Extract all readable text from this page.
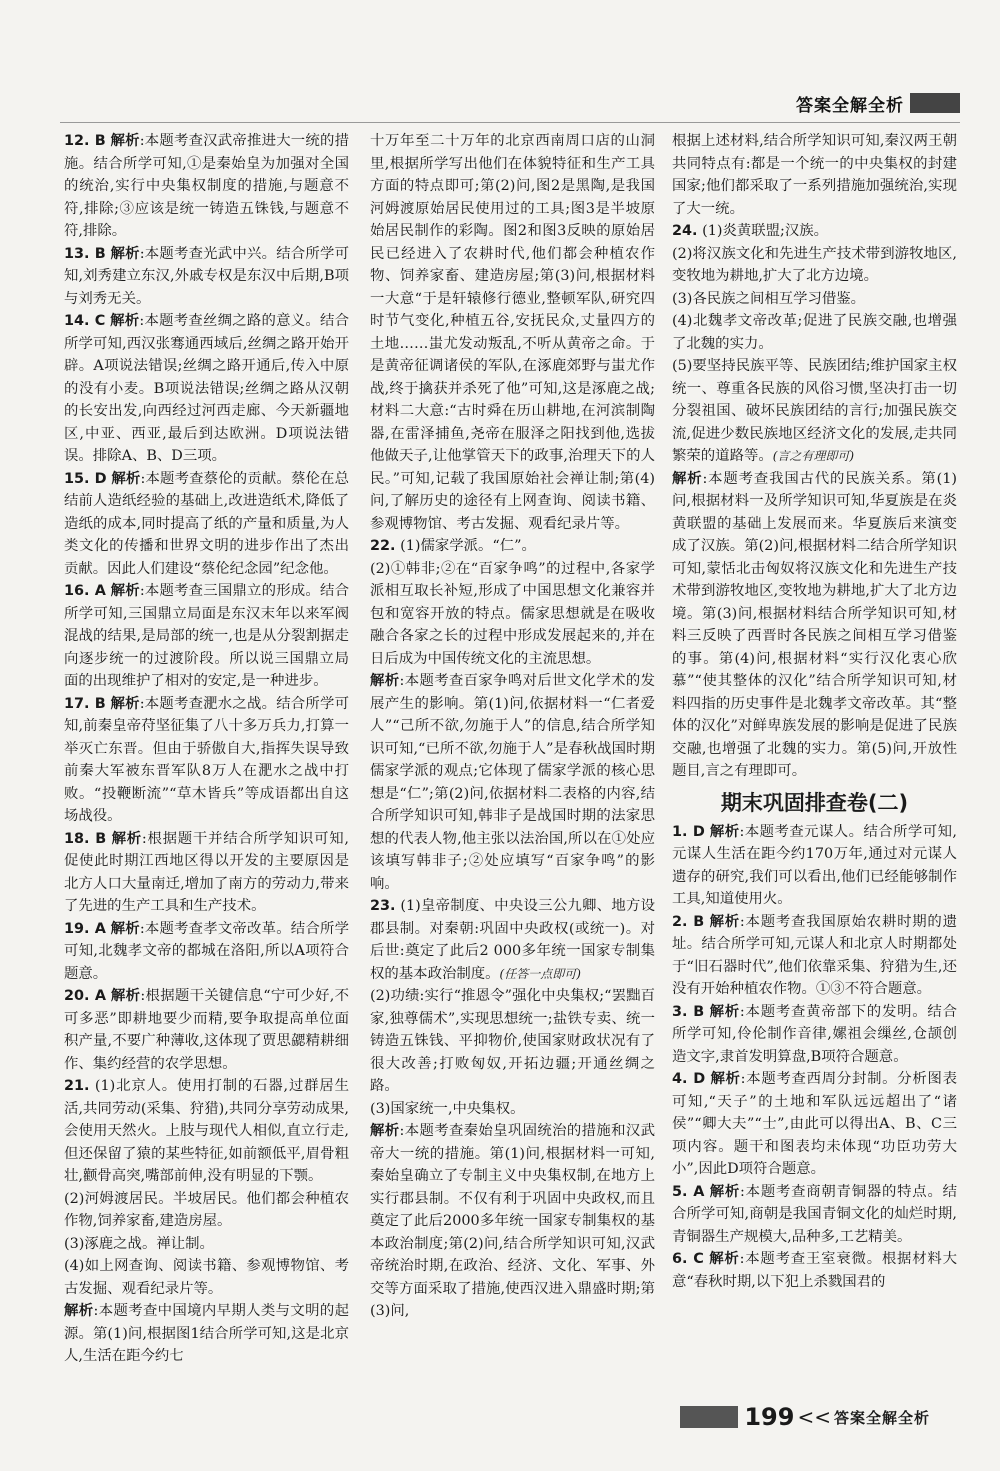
答案全解全析

12. B 解析:本题考查汉武帝推进大一统的措施。结合所学可知,①是秦始皇为加强对全国的统治,实行中央集权制度的措施,与题意不符,排除;③应该是统一铸造五铢钱,与题意不符,排除。

13. B 解析:本题考查光武中兴。结合所学可知,刘秀建立东汉,外戚专权是东汉中后期,B项与刘秀无关。

14. C 解析:本题考查丝绸之路的意义。结合所学可知,西汉张骞通西域后,丝绸之路开始开辟。A项说法错误;丝绸之路开通后,传入中原的没有小麦。B项说法错误;丝绸之路从汉朝的长安出发,向西经过河西走廊、今天新疆地区,中亚、西亚,最后到达欧洲。D项说法错误。排除A、B、D三项。

15. D 解析:本题考查蔡伦的贡献。蔡伦在总结前人造纸经验的基础上,改进造纸术,降低了造纸的成本,同时提高了纸的产量和质量,为人类文化的传播和世界文明的进步作出了杰出贡献。因此人们建设“蔡伦纪念园”纪念他。

16. A 解析:本题考查三国鼎立的形成。结合所学可知,三国鼎立局面是东汉末年以来军阀混战的结果,是局部的统一,也是从分裂割据走向逐步统一的过渡阶段。所以说三国鼎立局面的出现维护了相对的安定,是一种进步。

17. B 解析:本题考查淝水之战。结合所学可知,前秦皇帝苻坚征集了八十多万兵力,打算一举灭亡东晋。但由于骄傲自大,指挥失误导致前秦大军被东晋军队8万人在淝水之战中打败。“投鞭断流”“草木皆兵”等成语都出自这场战役。

18. B 解析:根据题干并结合所学知识可知,促使此时期江西地区得以开发的主要原因是北方人口大量南迁,增加了南方的劳动力,带来了先进的生产工具和生产技术。

19. A 解析:本题考查孝文帝改革。结合所学可知,北魏孝文帝的都城在洛阳,所以A项符合题意。

20. A 解析:根据题干关键信息“宁可少好,不可多恶”即耕地要少而精,要争取提高单位面积产量,不要广种薄收,这体现了贾思勰精耕细作、集约经营的农学思想。

21. (1)北京人。使用打制的石器,过群居生活,共同劳动(采集、狩猎),共同分享劳动成果,会使用天然火。上肢与现代人相似,直立行走,但还保留了猿的某些特征,如前额低平,眉骨粗壮,颧骨高突,嘴部前伸,没有明显的下颚。

(2)河姆渡居民。半坡居民。他们都会种植农作物,饲养家畜,建造房屋。

(3)涿鹿之战。禅让制。

(4)如上网查询、阅读书籍、参观博物馆、考古发掘、观看纪录片等。

解析:本题考查中国境内早期人类与文明的起源。第(1)问,根据图1结合所学可知,这是北京人,生活在距今约七

十万年至二十万年的北京西南周口店的山洞里,根据所学写出他们在体貌特征和生产工具方面的特点即可;第(2)问,图2是黑陶,是我国河姆渡原始居民使用过的工具;图3是半坡原始居民制作的彩陶。图2和图3反映的原始居民已经进入了农耕时代,他们都会种植农作物、饲养家畜、建造房屋;第(3)问,根据材料一大意“于是轩辕修行德业,整顿军队,研究四时节气变化,种植五谷,安抚民众,丈量四方的土地……蚩尤发动叛乱,不听从黄帝之命。于是黄帝征调诸侯的军队,在涿鹿郊野与蚩尤作战,终于擒获并杀死了他”可知,这是涿鹿之战;材料二大意:“古时舜在历山耕地,在河滨制陶器,在雷泽捕鱼,尧帝在服泽之阳找到他,选拔他做天子,让他掌管天下的政事,治理天下的人民。”可知,记载了我国原始社会禅让制;第(4)问,了解历史的途径有上网查询、阅读书籍、参观博物馆、考古发掘、观看纪录片等。

22. (1)儒家学派。“仁”。

(2)①韩非;②在“百家争鸣”的过程中,各家学派相互取长补短,形成了中国思想文化兼容并包和宽容开放的特点。儒家思想就是在吸收融合各家之长的过程中形成发展起来的,并在日后成为中国传统文化的主流思想。

解析:本题考查百家争鸣对后世文化学术的发展产生的影响。第(1)问,依据材料一“仁者爱人”“己所不欲,勿施于人”的信息,结合所学知识可知,“已所不欲,勿施于人”是春秋战国时期儒家学派的观点;它体现了儒家学派的核心思想是“仁”;第(2)问,依据材料二表格的内容,结合所学知识可知,韩非子是战国时期的法家思想的代表人物,他主张以法治国,所以在①处应该填写韩非子;②处应填写“百家争鸣”的影响。

23. (1)皇帝制度、中央设三公九卿、地方设郡县制。对秦朝:巩固中央政权(或统一)。对后世:奠定了此后2 000多年统一国家专制集权的基本政治制度。(任答一点即可)

(2)功绩:实行“推恩令”强化中央集权;“罢黜百家,独尊儒术”,实现思想统一;盐铁专卖、统一铸造五铢钱、平抑物价,使国家财政状况有了很大改善;打败匈奴,开拓边疆;开通丝绸之路。

(3)国家统一,中央集权。

解析:本题考查秦始皇巩固统治的措施和汉武帝大一统的措施。第(1)问,根据材料一可知,秦始皇确立了专制主义中央集权制,在地方上实行郡县制。不仅有利于巩固中央政权,而且奠定了此后2000多年统一国家专制集权的基本政治制度;第(2)问,结合所学知识可知,汉武帝统治时期,在政治、经济、文化、军事、外交等方面采取了措施,使西汉进入鼎盛时期;第(3)问,

根据上述材料,结合所学知识可知,秦汉两王朝共同特点有:都是一个统一的中央集权的封建国家;他们都采取了一系列措施加强统治,实现了大一统。

24. (1)炎黄联盟;汉族。

(2)将汉族文化和先进生产技术带到游牧地区,变牧地为耕地,扩大了北方边境。

(3)各民族之间相互学习借鉴。

(4)北魏孝文帝改革;促进了民族交融,也增强了北魏的实力。

(5)要坚持民族平等、民族团结;维护国家主权统一、尊重各民族的风俗习惯,坚决打击一切分裂祖国、破坏民族团结的言行;加强民族交流,促进少数民族地区经济文化的发展,走共同繁荣的道路等。(言之有理即可)

解析:本题考查我国古代的民族关系。第(1)问,根据材料一及所学知识可知,华夏族是在炎黄联盟的基础上发展而来。华夏族后来演变成了汉族。第(2)问,根据材料二结合所学知识可知,蒙恬北击匈奴将汉族文化和先进生产技术带到游牧地区,变牧地为耕地,扩大了北方边境。第(3)问,根据材料结合所学知识可知,材料三反映了西晋时各民族之间相互学习借鉴的事。第(4)问,根据材料“实行汉化衷心欣慕”“使其整体的汉化”结合所学知识可知,材料四指的历史事件是北魏孝文帝改革。其“整体的汉化”对鲜卑族发展的影响是促进了民族交融,也增强了北魏的实力。第(5)问,开放性题目,言之有理即可。

期末巩固排查卷(二)

1. D 解析:本题考查元谋人。结合所学可知,元谋人生活在距今约170万年,通过对元谋人遗存的研究,我们可以看出,他们已经能够制作工具,知道使用火。

2. B 解析:本题考查我国原始农耕时期的遗址。结合所学可知,元谋人和北京人时期都处于“旧石器时代”,他们依靠采集、狩猎为生,还没有开始种植农作物。①③不符合题意。

3. B 解析:本题考查黄帝部下的发明。结合所学可知,伶伦制作音律,嫘祖会缫丝,仓颉创造文字,隶首发明算盘,B项符合题意。

4. D 解析:本题考查西周分封制。分析图表可知,“天子”的土地和军队远远超出了“诸侯”“卿大夫”“士”,由此可以得出A、B、C三项内容。题干和图表均未体现“功臣功劳大小”,因此D项符合题意。

5. A 解析:本题考查商朝青铜器的特点。结合所学可知,商朝是我国青铜文化的灿烂时期,青铜器生产规模大,品种多,工艺精美。

6. C 解析:本题考查王室衰微。根据材料大意“春秋时期,以下犯上杀戮国君的

199 << 答案全解全析
